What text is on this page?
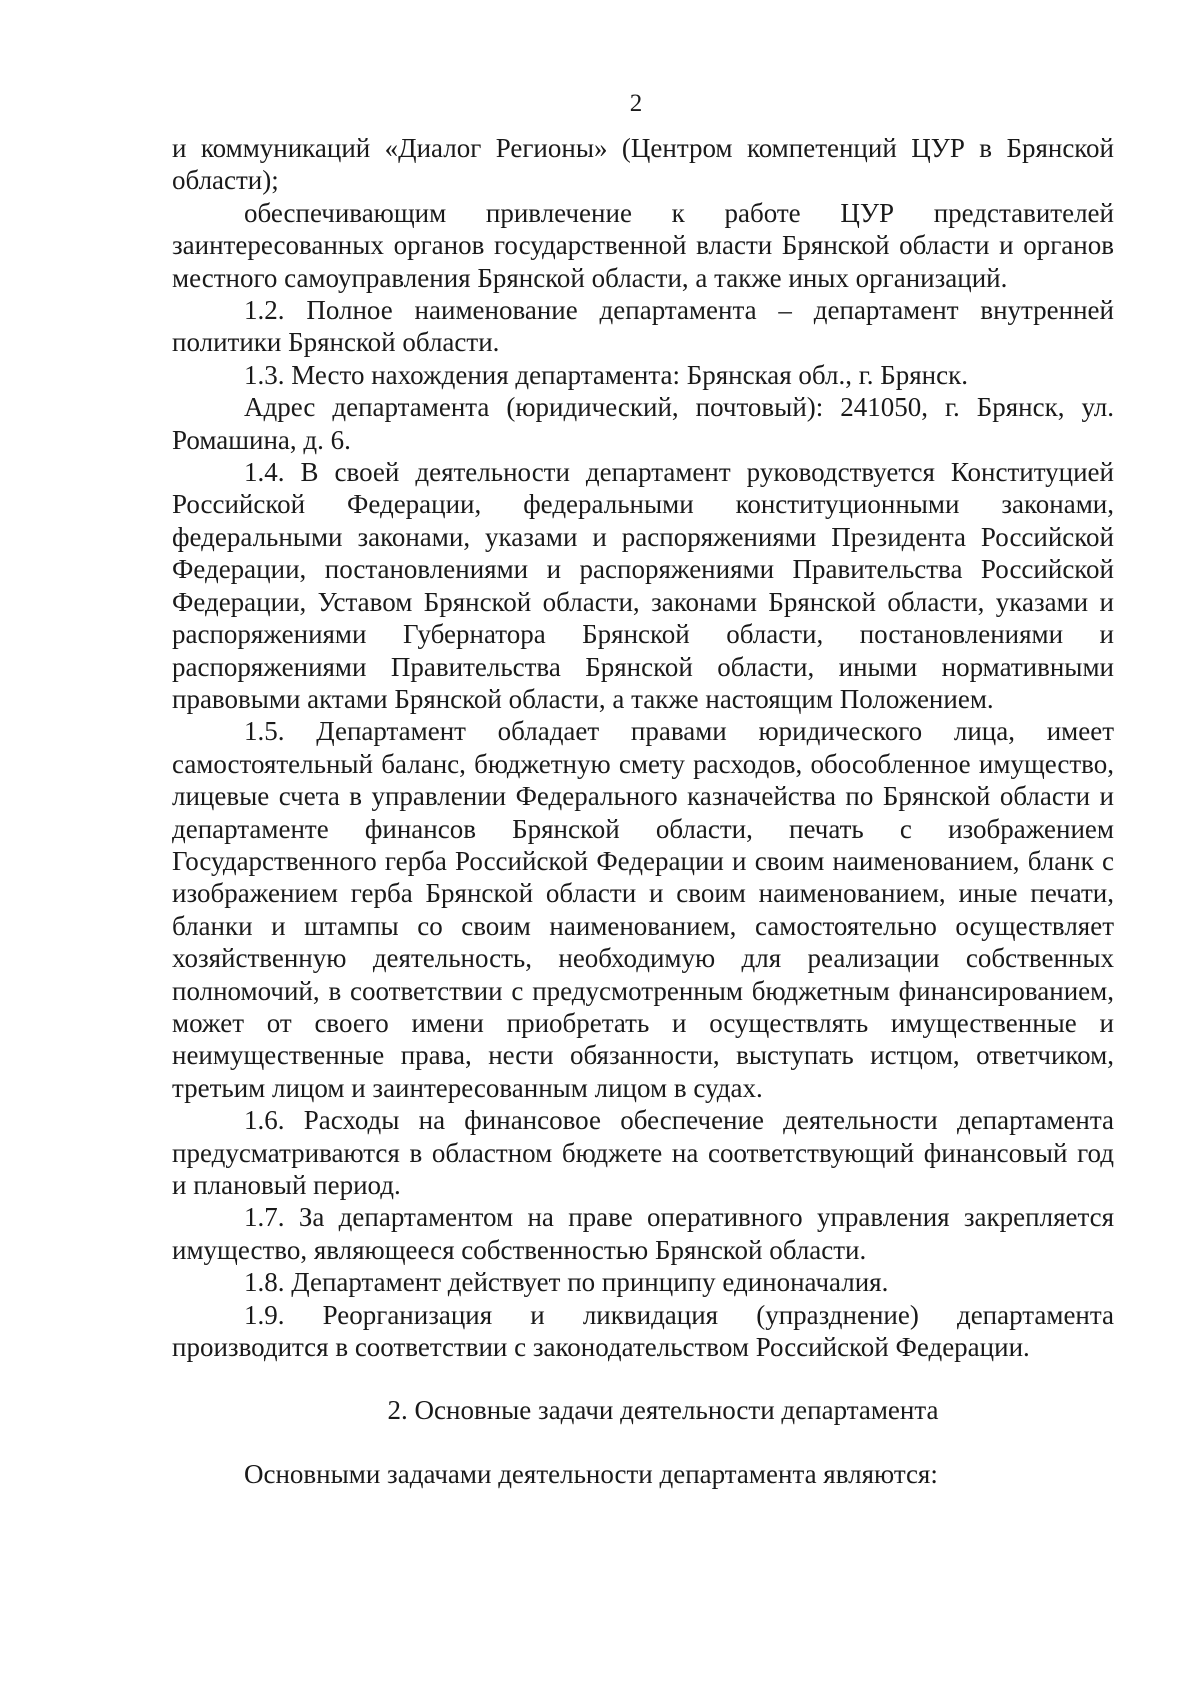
2

и коммуникаций «Диалог Регионы» (Центром компетенций ЦУР в Брянской области);

обеспечивающим привлечение к работе ЦУР представителей заинтересованных органов государственной власти Брянской области и органов местного самоуправления Брянской области, а также иных организаций.

1.2. Полное наименование департамента – департамент внутренней политики Брянской области.

1.3. Место нахождения департамента: Брянская обл., г. Брянск.

Адрес департамента (юридический, почтовый): 241050, г. Брянск, ул. Ромашина, д. 6.

1.4. В своей деятельности департамент руководствуется Конституцией Российской Федерации, федеральными конституционными законами, федеральными законами, указами и распоряжениями Президента Российской Федерации, постановлениями и распоряжениями Правительства Российской Федерации, Уставом Брянской области, законами Брянской области, указами и распоряжениями Губернатора Брянской области, постановлениями и распоряжениями Правительства Брянской области, иными нормативными правовыми актами Брянской области, а также настоящим Положением.

1.5. Департамент обладает правами юридического лица, имеет самостоятельный баланс, бюджетную смету расходов, обособленное имущество, лицевые счета в управлении Федерального казначейства по Брянской области и департаменте финансов Брянской области, печать с изображением Государственного герба Российской Федерации и своим наименованием, бланк с изображением герба Брянской области и своим наименованием, иные печати, бланки и штампы со своим наименованием, самостоятельно осуществляет хозяйственную деятельность, необходимую для реализации собственных полномочий, в соответствии с предусмотренным бюджетным финансированием, может от своего имени приобретать и осуществлять имущественные и неимущественные права, нести обязанности, выступать истцом, ответчиком, третьим лицом и заинтересованным лицом в судах.

1.6. Расходы на финансовое обеспечение деятельности департамента предусматриваются в областном бюджете на соответствующий финансовый год и плановый период.

1.7. За департаментом на праве оперативного управления закрепляется имущество, являющееся собственностью Брянской области.

1.8. Департамент действует по принципу единоначалия.

1.9. Реорганизация и ликвидация (упразднение) департамента производится в соответствии с законодательством Российской Федерации.

2. Основные задачи деятельности департамента

Основными задачами деятельности департамента являются:
